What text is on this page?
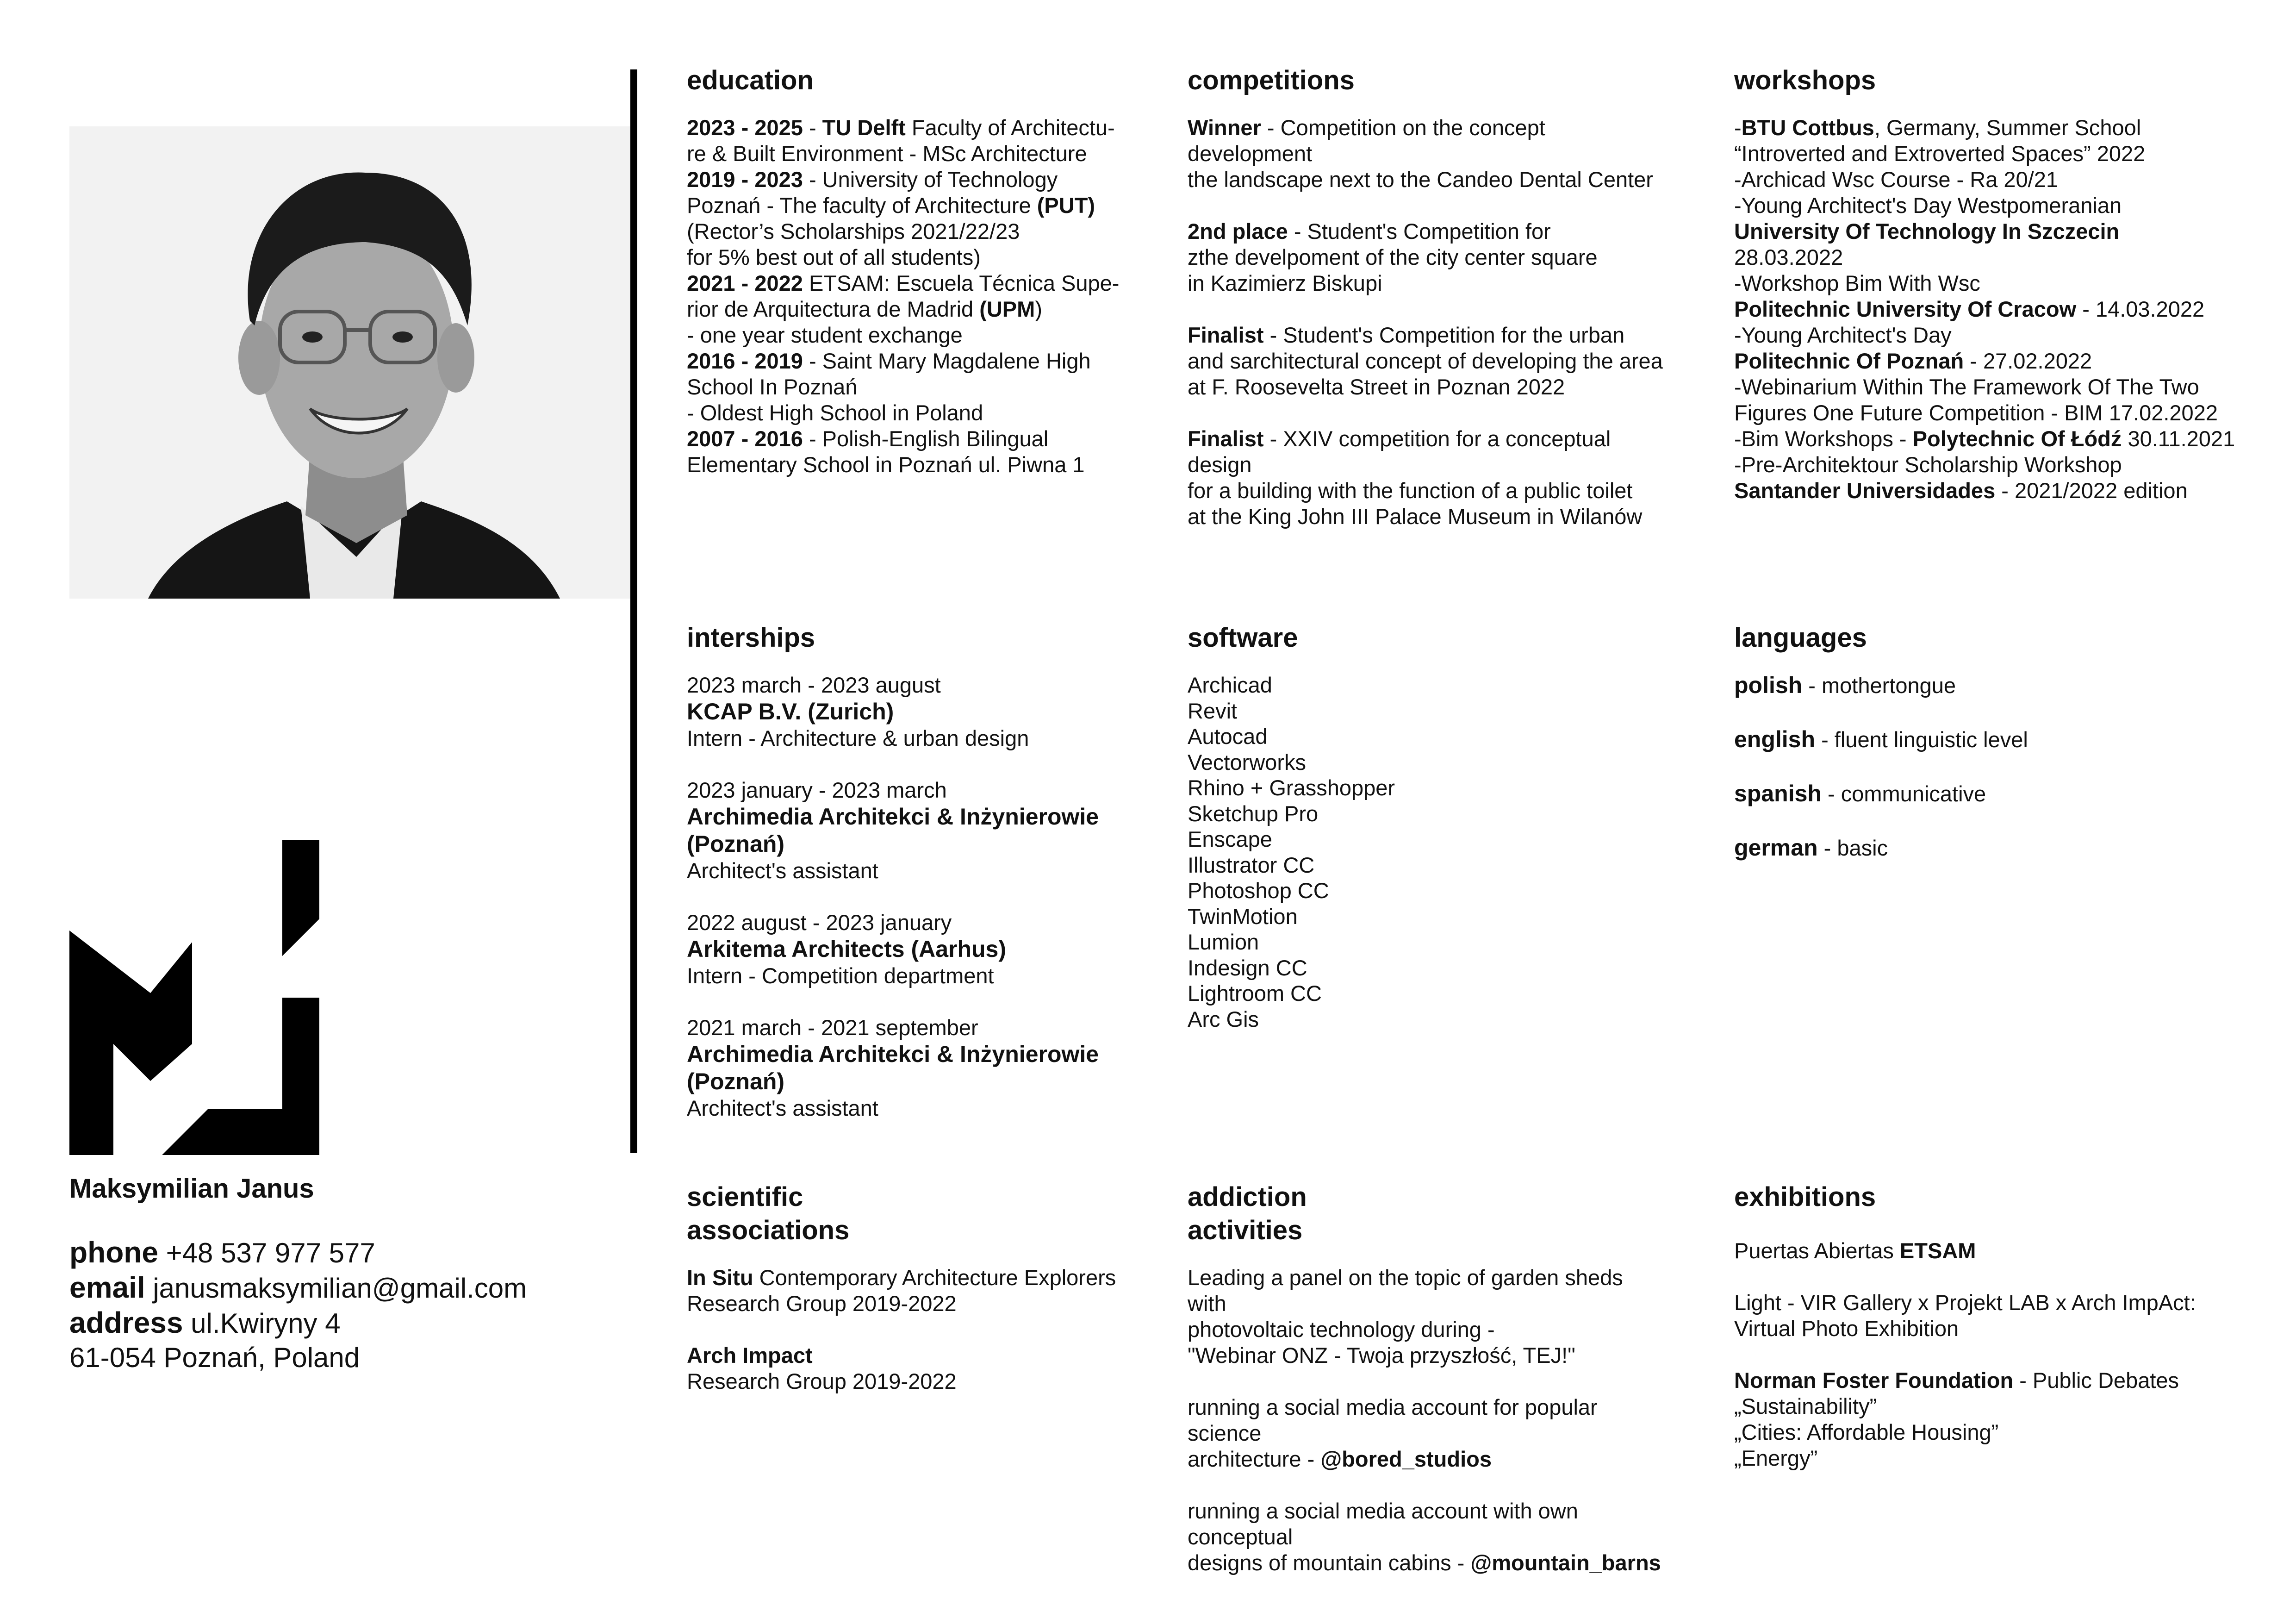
Maksymilian Janus
phone +48 537 977 577
email janusmaksymilian@gmail.com
address ul.Kwiryny 4
61-054 Poznań, Poland
education
2023 - 2025 - TU Delft Faculty of Architectu-
re & Built Environment - MSc Architecture
2019 - 2023 - University of Technology
Poznań - The faculty of Architecture (PUT)
(Rector’s Scholarships 2021/22/23
for 5% best out of all students)
2021 - 2022 ETSAM: Escuela Técnica Supe-
rior de Arquitectura de Madrid (UPM)
- one year student exchange
2016 - 2019 - Saint Mary Magdalene High
School In Poznań
- Oldest High School in Poland
2007 - 2016 - Polish-English Bilingual
Elementary School in Poznań ul. Piwna 1
competitions
Winner - Competition on the concept development
the landscape next to the Candeo Dental Center
2nd place - Student's Competition for
zthe develpoment of the city center square
in Kazimierz Biskupi
Finalist - Student's Competition for the urban
and sarchitectural concept of developing the area
at F. Roosevelta Street in Poznan 2022
Finalist - XXIV competition for a conceptual design
for a building with the function of a public toilet
at the King John III Palace Museum in Wilanów
workshops
-BTU Cottbus, Germany, Summer School
“Introverted and Extroverted Spaces” 2022
-Archicad Wsc Course - Ra 20/21
-Young Architect's Day Westpomeranian
University Of Technology In Szczecin
28.03.2022
-Workshop Bim With Wsc
Politechnic University Of Cracow - 14.03.2022
-Young Architect's Day
Politechnic Of Poznań - 27.02.2022
-Webinarium Within The Framework Of The Two
Figures One Future Competition - BIM 17.02.2022
-Bim Workshops - Polytechnic Of Łódź 30.11.2021
-Pre-Architektour Scholarship Workshop
Santander Universidades - 2021/2022 edition
interships
2023 march - 2023 august
KCAP B.V. (Zurich)
Intern - Architecture & urban design
2023 january - 2023 march
Archimedia Architekci & Inżynierowie
(Poznań)
Architect's assistant
2022 august - 2023 january
Arkitema Architects (Aarhus)
Intern - Competition department
2021 march - 2021 september
Archimedia Architekci & Inżynierowie
(Poznań)
Architect's assistant
software
Archicad
Revit
Autocad
Vectorworks
Rhino + Grasshopper
Sketchup Pro
Enscape
Illustrator CC
Photoshop CC
TwinMotion
Lumion
Indesign CC
Lightroom CC
Arc Gis
languages
polish - mothertongue
english - fluent linguistic level
spanish - communicative
german - basic
scientific
associations
In Situ Contemporary Architecture Explorers
Research Group 2019-2022
Arch Impact
Research Group 2019-2022
addiction
activities
Leading a panel on the topic of garden sheds with
photovoltaic technology during -
"Webinar ONZ - Twoja przyszłość, TEJ!"
running a social media account for popular science
architecture - @bored_studios
running a social media account with own conceptual
designs of mountain cabins - @mountain_barns
exhibitions
Puertas Abiertas ETSAM
Light - VIR Gallery x Projekt LAB x Arch ImpAct:
Virtual Photo Exhibition
Norman Foster Foundation - Public Debates
„Sustainability”
„Cities: Affordable Housing”
„Energy”
